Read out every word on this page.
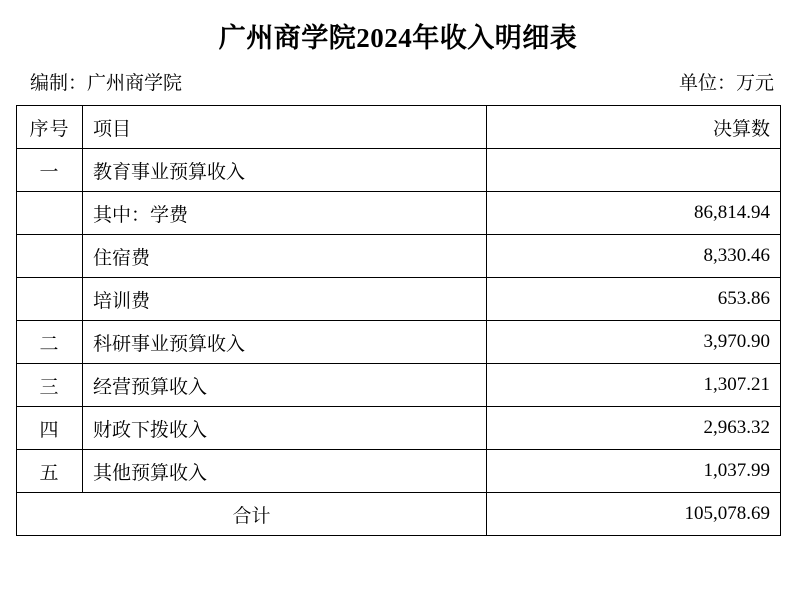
广州商学院2024年收入明细表
编制：广州商学院	单位：万元
序号	项目	决算数
一	教育事业预算收入	
	其中：学费	86,814.94
	住宿费	8,330.46
	培训费	653.86
二	科研事业预算收入	3,970.90
三	经营预算收入	1,307.21
四	财政下拨收入	2,963.32
五	其他预算收入	1,037.99
合计		105,078.69
